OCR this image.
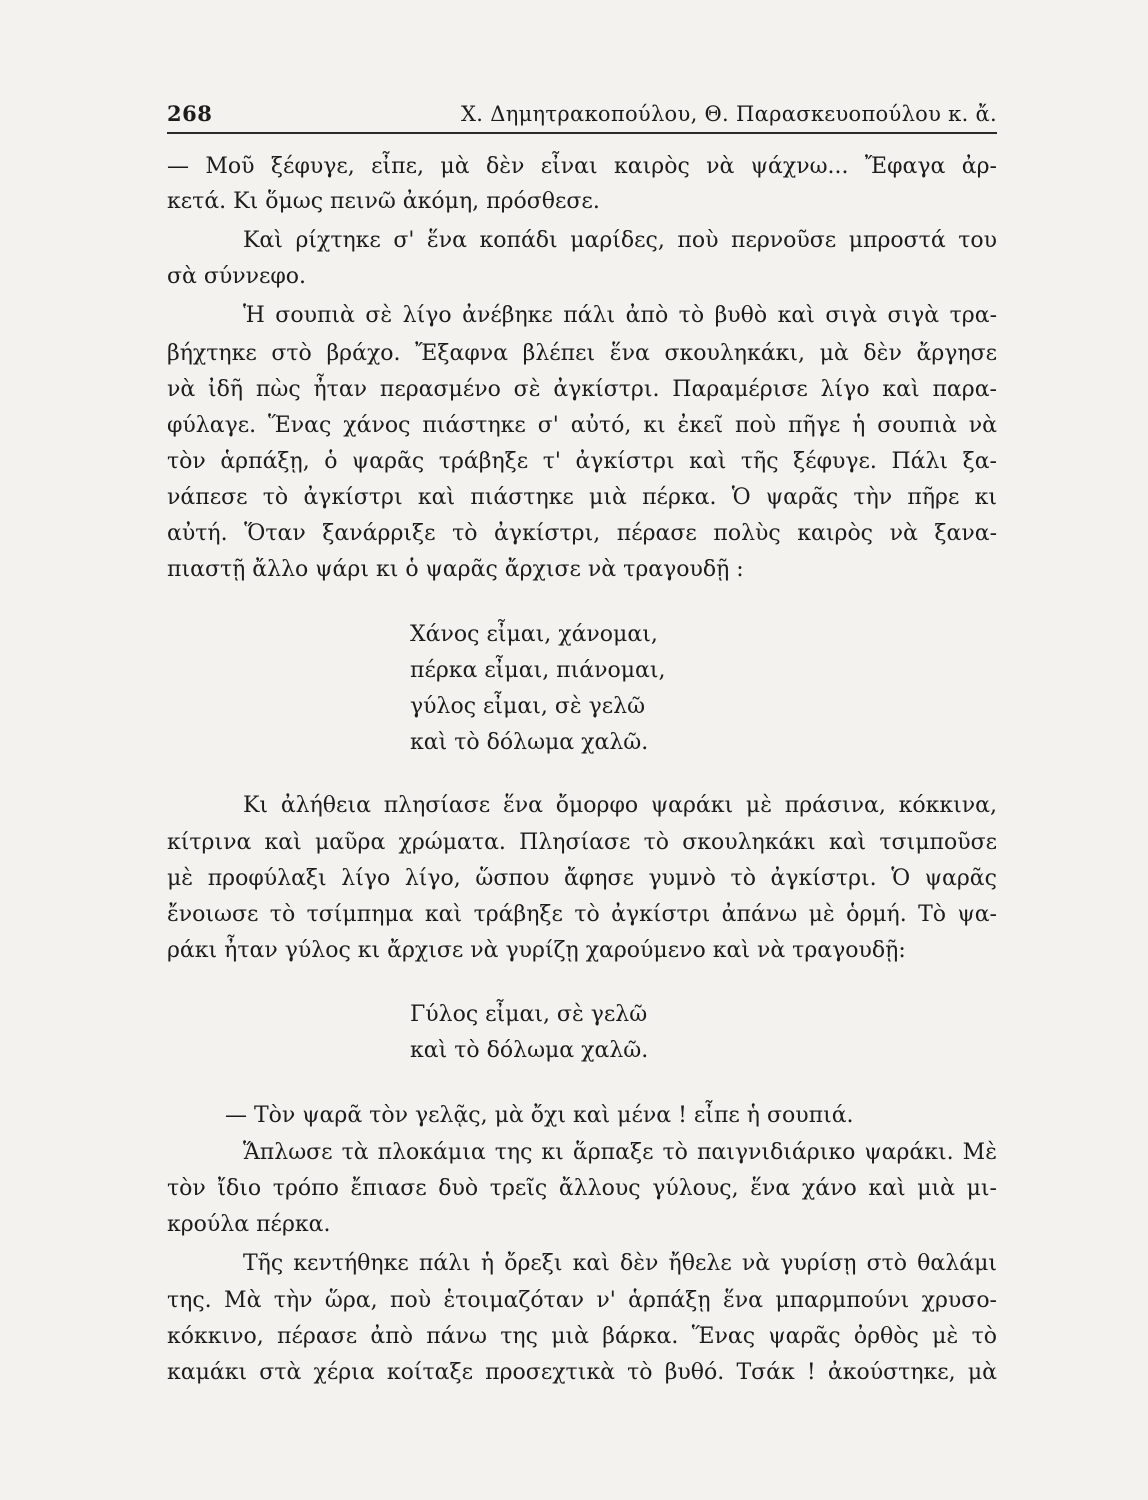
268	Χ. Δημητρακοπούλου, Θ. Παρασκευοπούλου κ. ἄ.
— Μοῦ ξέφυγε, εἶπε, μὰ δὲν εἶναι καιρὸς νὰ ψάχνω... Ἔφαγα ἀρ-
κετά. Κι ὅμως πεινῶ ἀκόμη, πρόσθεσε.
Καὶ ρίχτηκε σ' ἕνα κοπάδι μαρίδες, ποὺ περνοῦσε μπροστά του
σὰ σύννεφο.
Ἡ σουπιὰ σὲ λίγο ἀνέβηκε πάλι ἀπὸ τὸ βυθὸ καὶ σιγὰ σιγὰ τρα-
βήχτηκε στὸ βράχο. Ἔξαφνα βλέπει ἕνα σκουληκάκι, μὰ δὲν ἄργησε
νὰ ἰδῆ πὼς ἦταν περασμένο σὲ ἀγκίστρι. Παραμέρισε λίγο καὶ παρα-
φύλαγε. Ἕνας χάνος πιάστηκε σ' αὐτό, κι ἐκεῖ ποὺ πῆγε ἡ σουπιὰ νὰ
τὸν ἁρπάξῃ, ὁ ψαρᾶς τράβηξε τ' ἀγκίστρι καὶ τῆς ξέφυγε. Πάλι ξα-
νάπεσε τὸ ἀγκίστρι καὶ πιάστηκε μιὰ πέρκα. Ὁ ψαρᾶς τὴν πῆρε κι
αὐτή. Ὅταν ξανάρριξε τὸ ἀγκίστρι, πέρασε πολὺς καιρὸς νὰ ξανα-
πιαστῇ ἄλλο ψάρι κι ὁ ψαρᾶς ἄρχισε νὰ τραγουδῇ :
Χάνος εἶμαι, χάνομαι,
πέρκα εἶμαι, πιάνομαι,
γύλος εἶμαι, σὲ γελῶ
καὶ τὸ δόλωμα χαλῶ.
Κι ἀλήθεια πλησίασε ἕνα ὄμορφο ψαράκι μὲ πράσινα, κόκκινα,
κίτρινα καὶ μαῦρα χρώματα. Πλησίασε τὸ σκουληκάκι καὶ τσιμποῦσε
μὲ προφύλαξι λίγο λίγο, ὥσπου ἄφησε γυμνὸ τὸ ἀγκίστρι. Ὁ ψαρᾶς
ἔνοιωσε τὸ τσίμπημα καὶ τράβηξε τὸ ἀγκίστρι ἀπάνω μὲ ὁρμή. Τὸ ψα-
ράκι ἦταν γύλος κι ἄρχισε νὰ γυρίζῃ χαρούμενο καὶ νὰ τραγουδῇ:
Γύλος εἶμαι, σὲ γελῶ
καὶ τὸ δόλωμα χαλῶ.
— Τὸν ψαρᾶ τὸν γελᾷς, μὰ ὄχι καὶ μένα ! εἶπε ἡ σουπιά.
Ἅπλωσε τὰ πλοκάμια της κι ἅρπαξε τὸ παιγνιδιάρικο ψαράκι. Μὲ
τὸν ἴδιο τρόπο ἔπιασε δυὸ τρεῖς ἄλλους γύλους, ἕνα χάνο καὶ μιὰ μι-
κρούλα πέρκα.
Τῆς κεντήθηκε πάλι ἡ ὄρεξι καὶ δὲν ἤθελε νὰ γυρίσῃ στὸ θαλάμι
της. Μὰ τὴν ὥρα, ποὺ ἑτοιμαζόταν ν' ἁρπάξῃ ἕνα μπαρμπούνι χρυσο-
κόκκινο, πέρασε ἀπὸ πάνω της μιὰ βάρκα. Ἕνας ψαρᾶς ὀρθὸς μὲ τὸ
καμάκι στὰ χέρια κοίταξε προσεχτικὰ τὸ βυθό. Τσάκ ! ἀκούστηκε, μὰ
